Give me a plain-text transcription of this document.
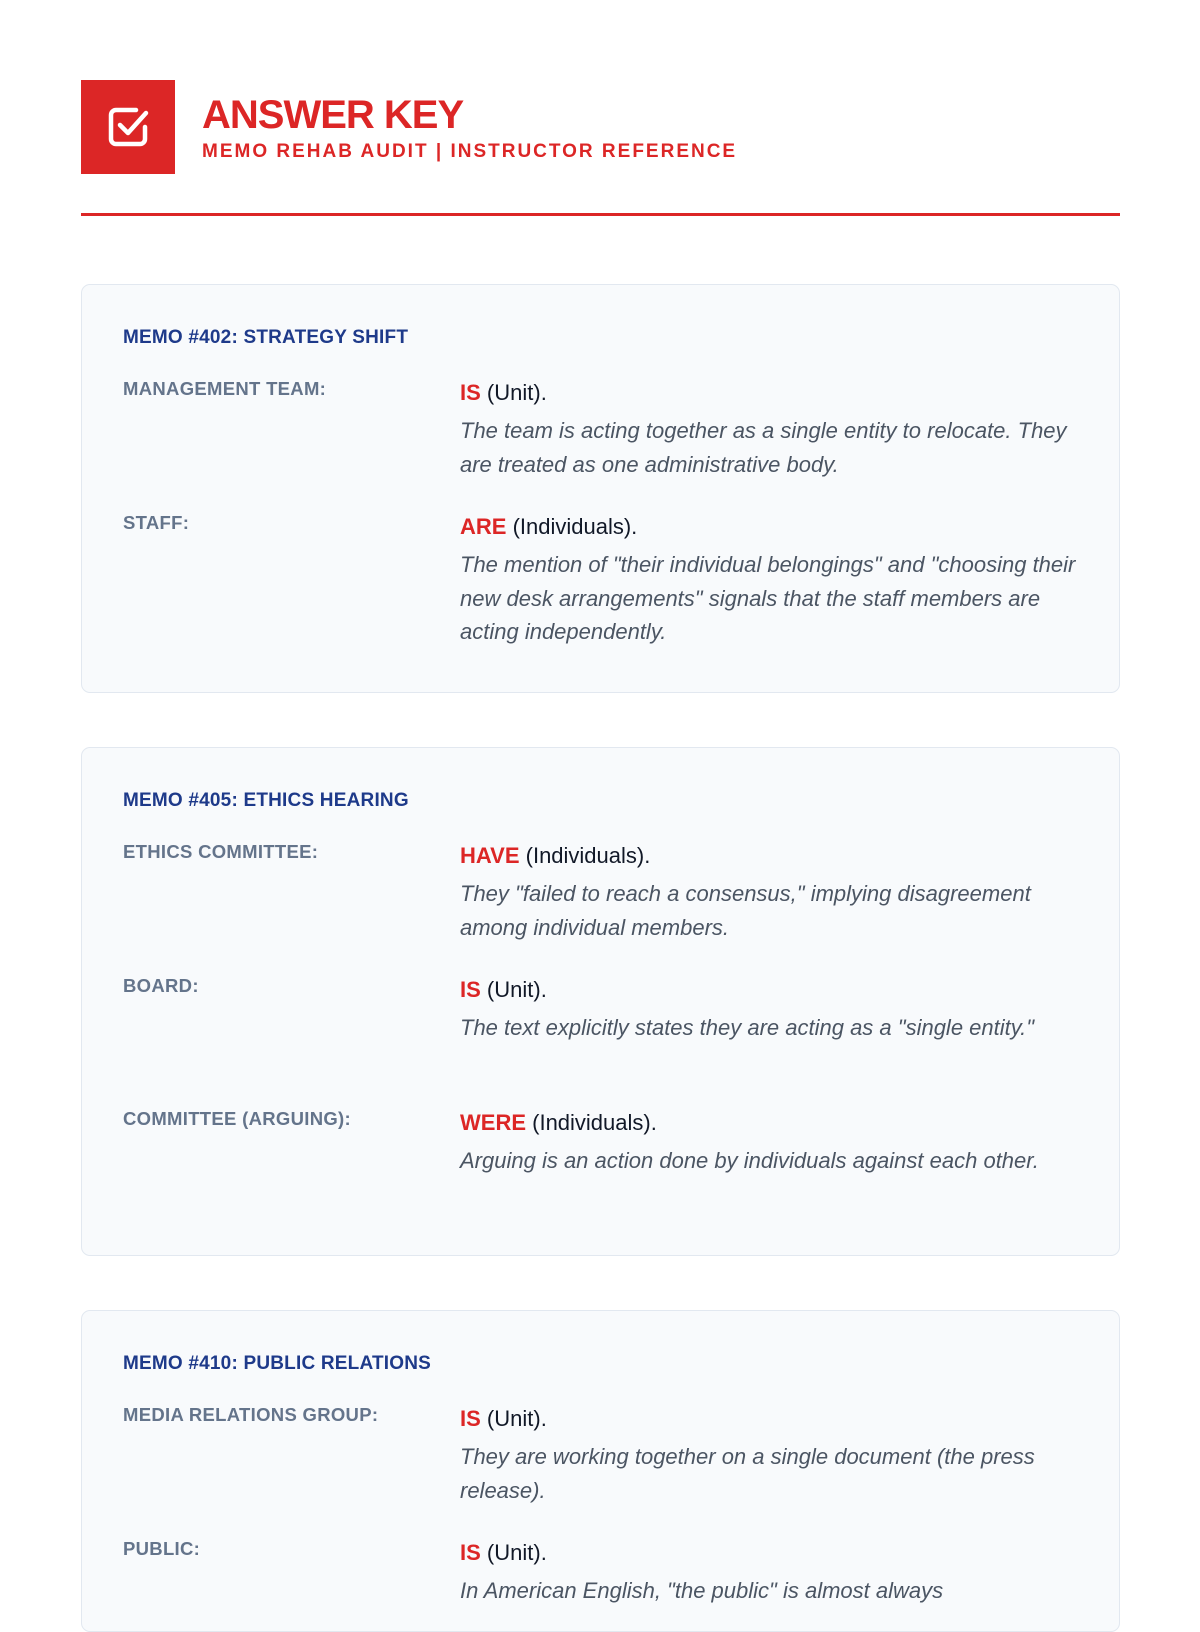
ANSWER KEY
MEMO REHAB AUDIT | INSTRUCTOR REFERENCE
MEMO #402: STRATEGY SHIFT
MANAGEMENT TEAM:	IS (Unit).
The team is acting together as a single entity to relocate. They are treated as one administrative body.
STAFF:	ARE (Individuals).
The mention of "their individual belongings" and "choosing their new desk arrangements" signals that the staff members are acting independently.
MEMO #405: ETHICS HEARING
ETHICS COMMITTEE:	HAVE (Individuals).
They "failed to reach a consensus," implying disagreement among individual members.
BOARD:	IS (Unit).
The text explicitly states they are acting as a "single entity."
COMMITTEE (ARGUING):	WERE (Individuals).
Arguing is an action done by individuals against each other.
MEMO #410: PUBLIC RELATIONS
MEDIA RELATIONS GROUP:	IS (Unit).
They are working together on a single document (the press release).
PUBLIC:	IS (Unit).
In American English, "the public" is almost always
